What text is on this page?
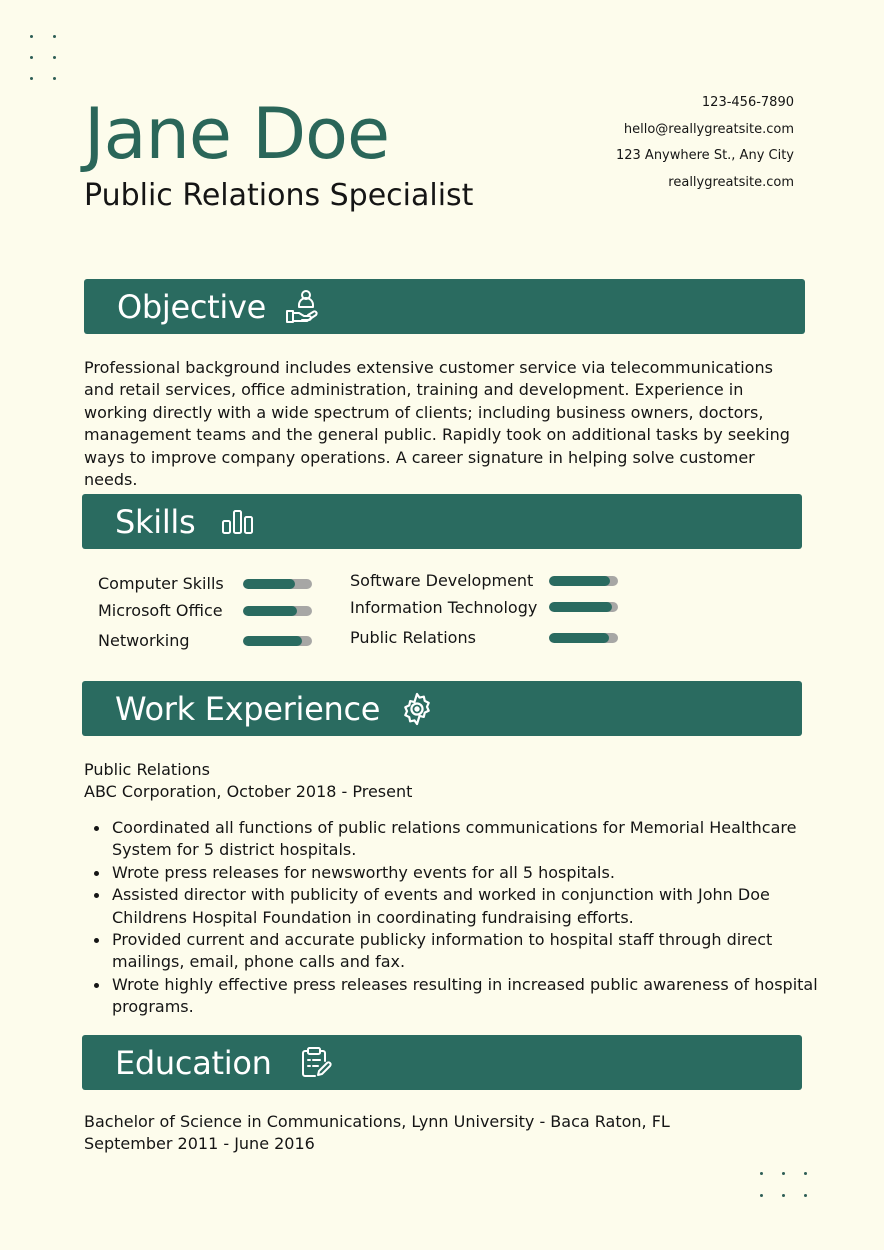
Jane Doe
Public Relations Specialist
123-456-7890
hello@reallygreatsite.com
123 Anywhere St., Any City
reallygreatsite.com
Objective

Professional background includes extensive customer service via telecommunications and retail services, office administration, training and development. Experience in working directly with a wide spectrum of clients; including business owners, doctors, management teams and the general public. Rapidly took on additional tasks by seeking ways to improve company operations. A career signature in helping solve customer needs.

Skills
Computer Skills
Microsoft Office
Networking
Software Development
Information Technology
Public Relations
Work Experience

Public Relations

ABC Corporation, October 2018 - Present

Coordinated all functions of public relations communications for Memorial Healthcare System for 5 district hospitals.
Wrote press releases for newsworthy events for all 5 hospitals.
Assisted director with publicity of events and worked in conjunction with John Doe Childrens Hospital Foundation in coordinating fundraising efforts.
Provided current and accurate publicky information to hospital staff through direct mailings, email, phone calls and fax.
Wrote highly effective press releases resulting in increased public awareness of hospital programs.
Education

Bachelor of Science in Communications, Lynn University - Baca Raton, FL

September 2011 - June 2016
